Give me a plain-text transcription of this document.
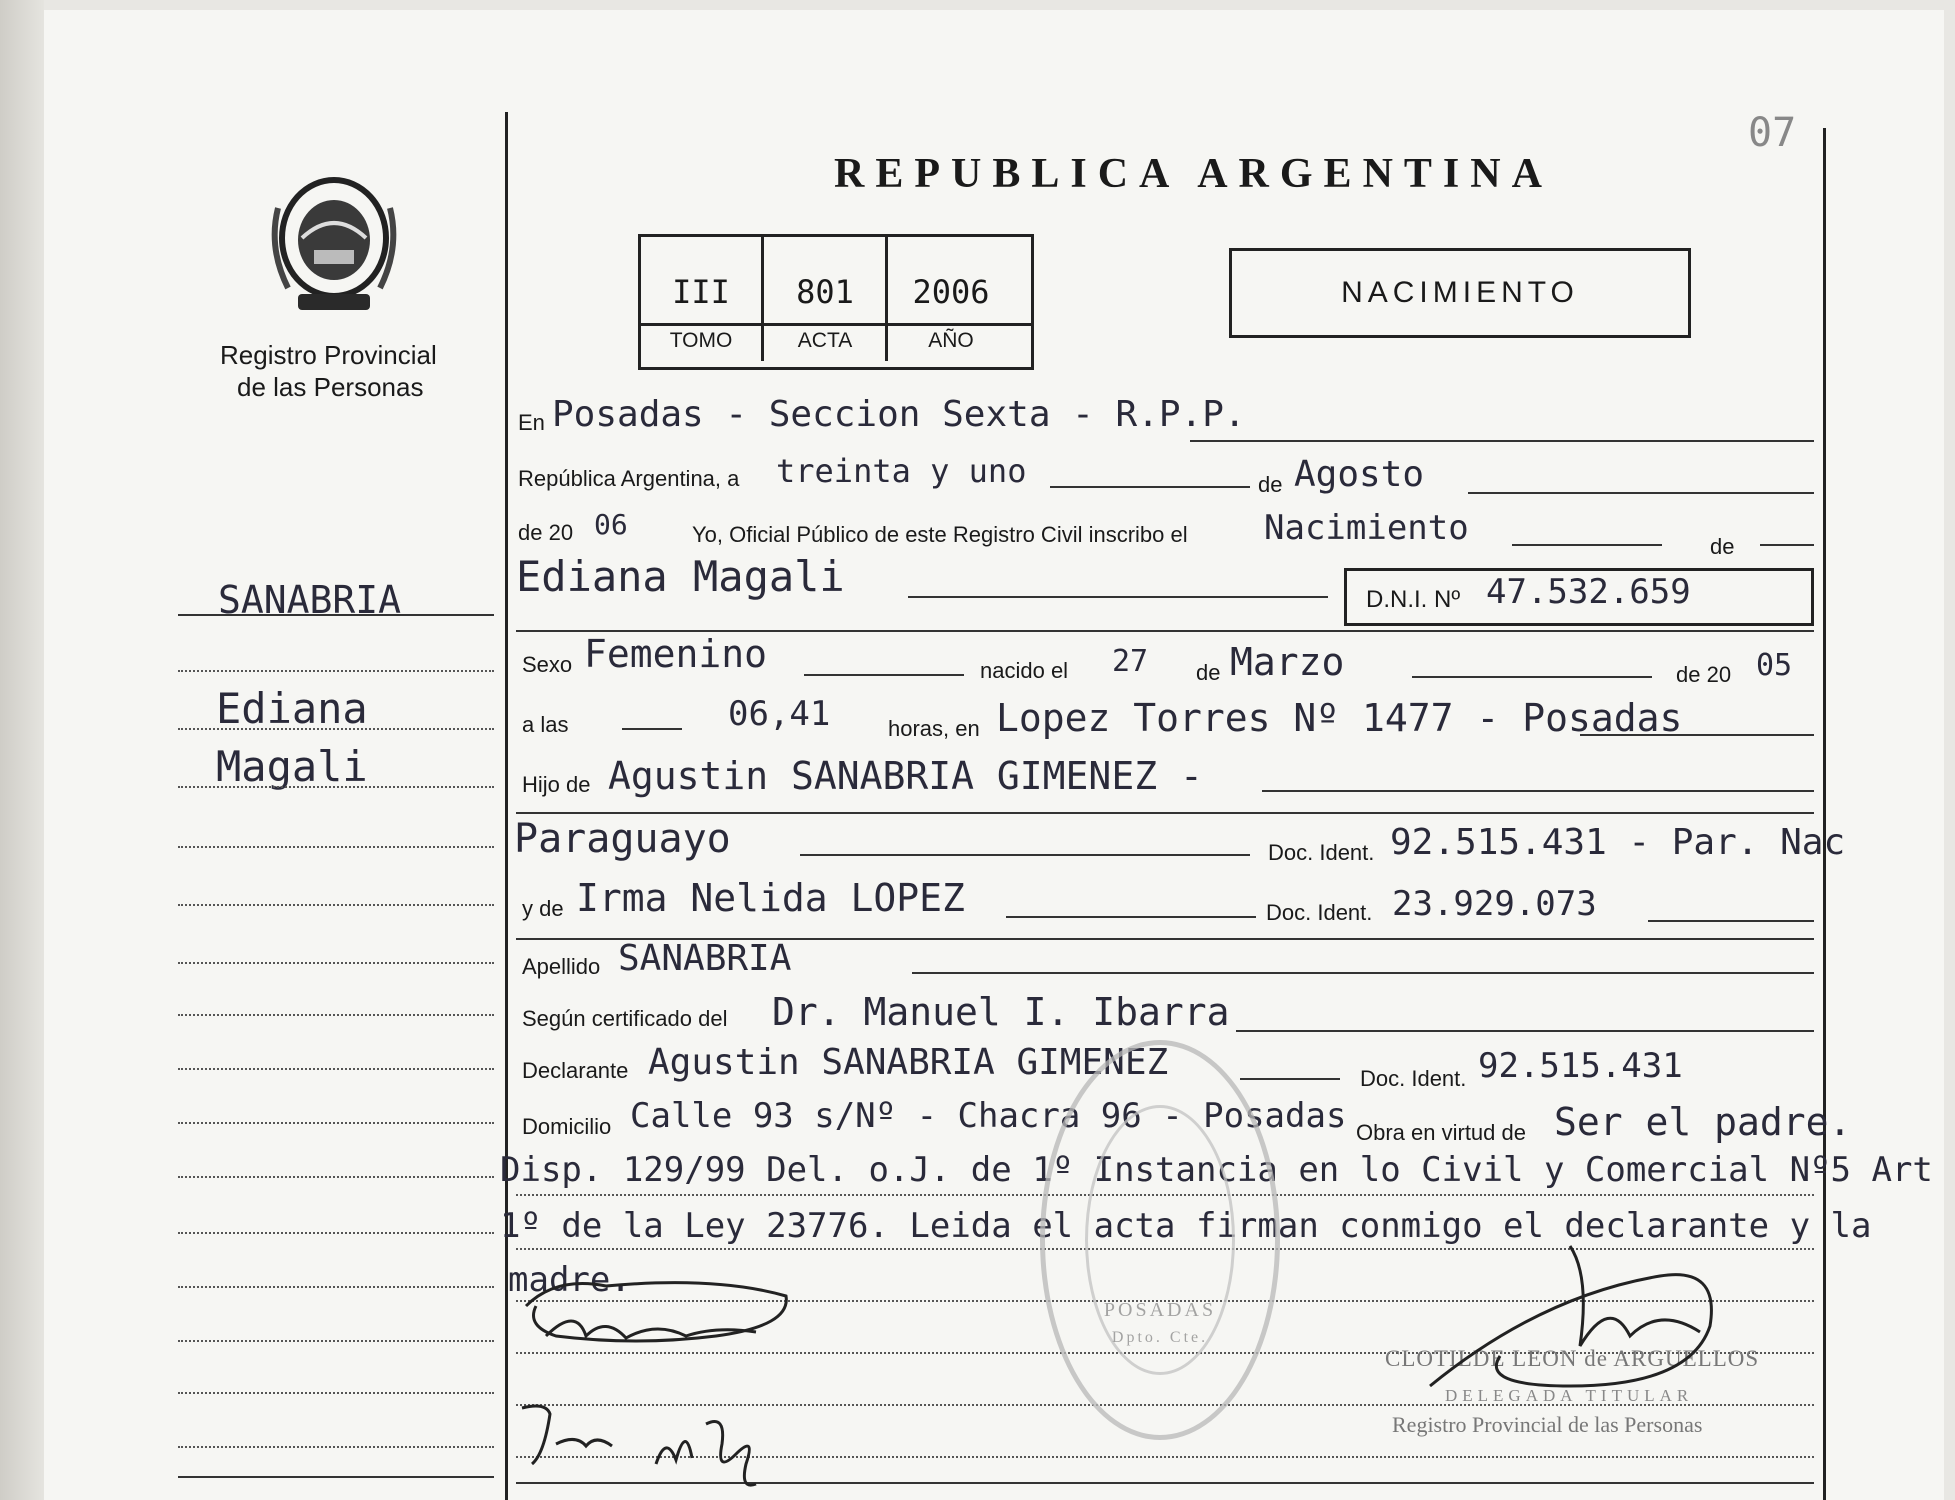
Registro Provincial
de las Personas
SANABRIA
Ediana
Magali
REPUBLICA ARGENTINA
07
III	801	2006
TOMO	ACTA	AÑO
NACIMIENTO
En Posadas - Seccion Sexta - R.P.P.
República Argentina, a treinta y uno	de Agosto
de 20 06	Yo, Oficial Público de este Registro Civil inscribo el Nacimiento	de
Ediana Magali	D.N.I. Nº 47.532.659
Sexo Femenino	nacido el 27 de Marzo	de 20 05
a las	06,41	horas, en Lopez Torres Nº 1477 - Posadas
Hijo de Agustin SANABRIA GIMENEZ -
Paraguayo	Doc. Ident. 92.515.431 - Par. Nac
y de Irma Nelida LOPEZ	Doc. Ident. 23.929.073
Apellido SANABRIA
Según certificado del Dr. Manuel I. Ibarra
Declarante Agustin SANABRIA GIMENEZ	Doc. Ident. 92.515.431
Domicilio Calle 93 s/Nº - Chacra 96 - Posadas Obra en virtud de Ser el padre.
Disp. 129/99 Del. o.J. de 1º Instancia en lo Civil y Comercial Nº5 Art
1º de la Ley 23776. Leida el acta firman conmigo el declarante y la
madre.
POSADAS
Dpto. Cte.
CLOTILDE LEON de ARGUELLOS
DELEGADA TITULAR
Registro Provincial de las Personas
